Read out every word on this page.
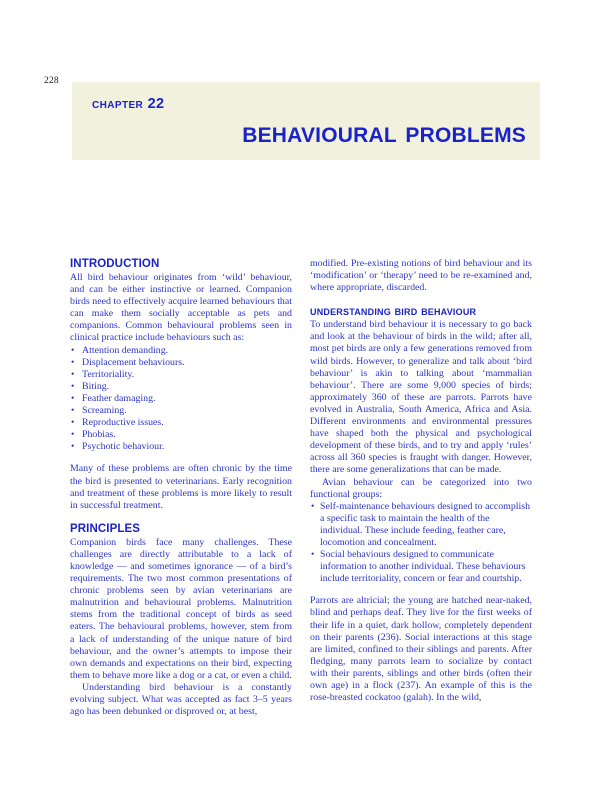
228
chapter 22
behavioural problems
INTRODUCTION

All bird behaviour originates from ‘wild’ behaviour, and can be either instinctive or learned. Companion birds need to effectively acquire learned behaviours that can make them socially acceptable as pets and companions. Common behavioural problems seen in clinical practice include behaviours such as:

• Attention demanding.
• Displacement behaviours.
• Territoriality.
• Biting.
• Feather damaging.
• Screaming.
• Reproductive issues.
• Phobias.
• Psychotic behaviour.

Many of these problems are often chronic by the time the bird is presented to veterinarians. Early recognition and treatment of these problems is more likely to result in successful treatment.

PRINCIPLES

Companion birds face many challenges. These challenges are directly attributable to a lack of knowledge — and sometimes ignorance — of a bird’s requirements. The two most common presentations of chronic problems seen by avian veterinarians are malnutrition and behavioural problems. Malnutrition stems from the traditional concept of birds as seed eaters. The behavioural problems, however, stem from a lack of understanding of the unique nature of bird behaviour, and the owner’s attempts to impose their own demands and expectations on their bird, expecting them to behave more like a dog or a cat, or even a child.

Understanding bird behaviour is a constantly evolving subject. What was accepted as fact 3–5 years ago has been debunked or disproved or, at best,

modified. Pre-existing notions of bird behaviour and its ‘modification’ or ‘therapy’ need to be re-examined and, where appropriate, discarded.

understanding bird behaviour

To understand bird behaviour it is necessary to go back and look at the behaviour of birds in the wild; after all, most pet birds are only a few generations removed from wild birds. However, to generalize and talk about ‘bird behaviour’ is akin to talking about ‘mammalian behaviour’. There are some 9,000 species of birds; approximately 360 of these are parrots. Parrots have evolved in Australia, South America, Africa and Asia. Different environments and environmental pressures have shaped both the physical and psychological development of these birds, and to try and apply ‘rules’ across all 360 species is fraught with danger. However, there are some generalizations that can be made.

Avian behaviour can be categorized into two functional groups:

• Self-maintenance behaviours designed to accomplish a specific task to maintain the health of the individual. These include feeding, feather care, locomotion and concealment.
• Social behaviours designed to communicate information to another individual. These behaviours include territoriality, concern or fear and courtship.

Parrots are altricial; the young are hatched near-naked, blind and perhaps deaf. They live for the first weeks of their life in a quiet, dark hollow, completely dependent on their parents (236). Social interactions at this stage are limited, confined to their siblings and parents. After fledging, many parrots learn to socialize by contact with their parents, siblings and other birds (often their own age) in a flock (237). An example of this is the rose-breasted cockatoo (galah). In the wild,
